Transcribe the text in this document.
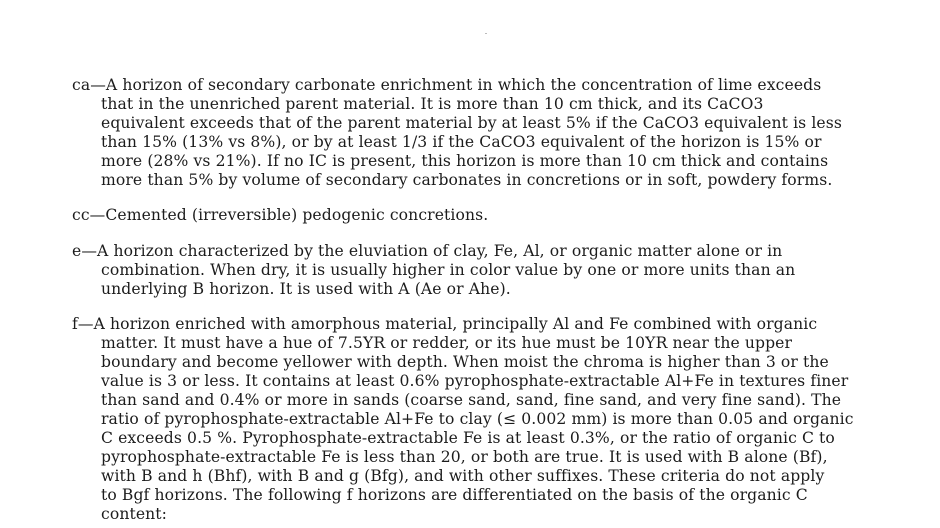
ca—A horizon of secondary carbonate enrichment in which the concentration of lime exceeds
that in the unenriched parent material. It is more than 10 cm thick, and its CaCO3
equivalent exceeds that of the parent material by at least 5% if the CaCO3 equivalent is less
than 15% (13% vs 8%), or by at least 1/3 if the CaCO3 equivalent of the horizon is 15% or
more (28% vs 21%). If no IC is present, this horizon is more than 10 cm thick and contains
more than 5% by volume of secondary carbonates in concretions or in soft, powdery forms.
cc—Cemented (irreversible) pedogenic concretions.
e—A horizon characterized by the eluviation of clay, Fe, Al, or organic matter alone or in
combination. When dry, it is usually higher in color value by one or more units than an
underlying B horizon. It is used with A (Ae or Ahe).
f—A horizon enriched with amorphous material, principally Al and Fe combined with organic
matter. It must have a hue of 7.5YR or redder, or its hue must be 10YR near the upper
boundary and become yellower with depth. When moist the chroma is higher than 3 or the
value is 3 or less. It contains at least 0.6% pyrophosphate-extractable Al+Fe in textures finer
than sand and 0.4% or more in sands (coarse sand, sand, fine sand, and very fine sand). The
ratio of pyrophosphate-extractable Al+Fe to clay (≤ 0.002 mm) is more than 0.05 and organic
C exceeds 0.5 %. Pyrophosphate-extractable Fe is at least 0.3%, or the ratio of organic C to
pyrophosphate-extractable Fe is less than 20, or both are true. It is used with B alone (Bf),
with B and h (Bhf), with B and g (Bfg), and with other suffixes. These criteria do not apply
to Bgf horizons. The following f horizons are differentiated on the basis of the organic C
content:
